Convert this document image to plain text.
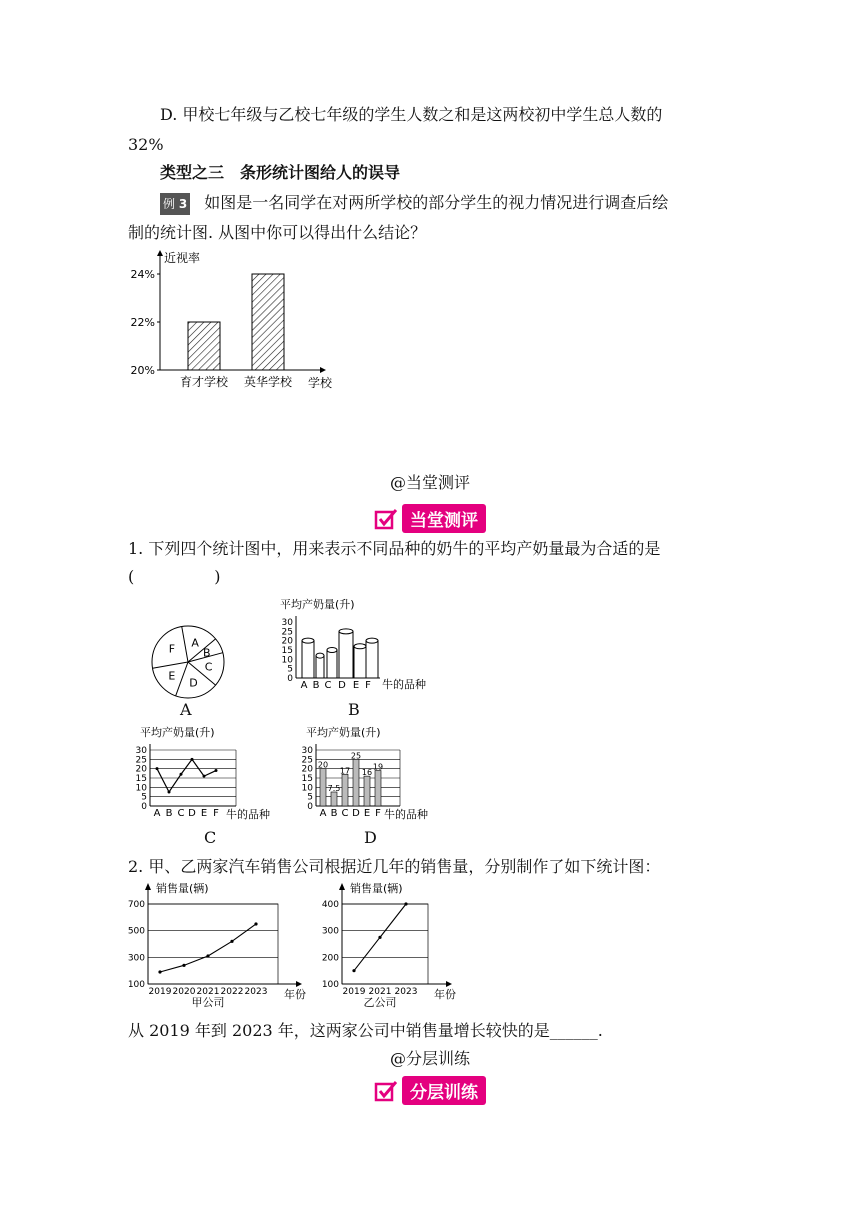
D. 甲校七年级与乙校七年级的学生人数之和是这两校初中学生总人数的
32%
类型之三　条形统计图给人的误导
例 3 如图是一名同学在对两所学校的部分学生的视力情况进行调查后绘
制的统计图. 从图中你可以得出什么结论？
近视率
20%
22%
24%
育才学校 英华学校 学校
@当堂测评
当堂测评
1. 下列四个统计图中，用来表示不同品种的奶牛的平均产奶量最为合适的是
(　　　　　)
A
B
C
D
E
F
A
平均产奶量(升)
0
5
10
15
20
25
30
A B C D E F 牛的品种
B
平均产奶量(升)
0
5
10
15
20
25
30
A B C D E F 牛的品种
C
平均产奶量(升)
0
5
10
15
20
25
30
A B C D E F
20
7.5
17
25
16
19
牛的品种
D
2. 甲、乙两家汽车销售公司根据近几年的销售量，分别制作了如下统计图：
销售量(辆)
100
300
500
700
2019 2020 2021 2022 2023 年份
甲公司
销售量(辆)
100
200
300
400
2019 2021 2023 年份
乙公司
从 2019 年到 2023 年，这两家公司中销售量增长较快的是______.
@分层训练
分层训练
